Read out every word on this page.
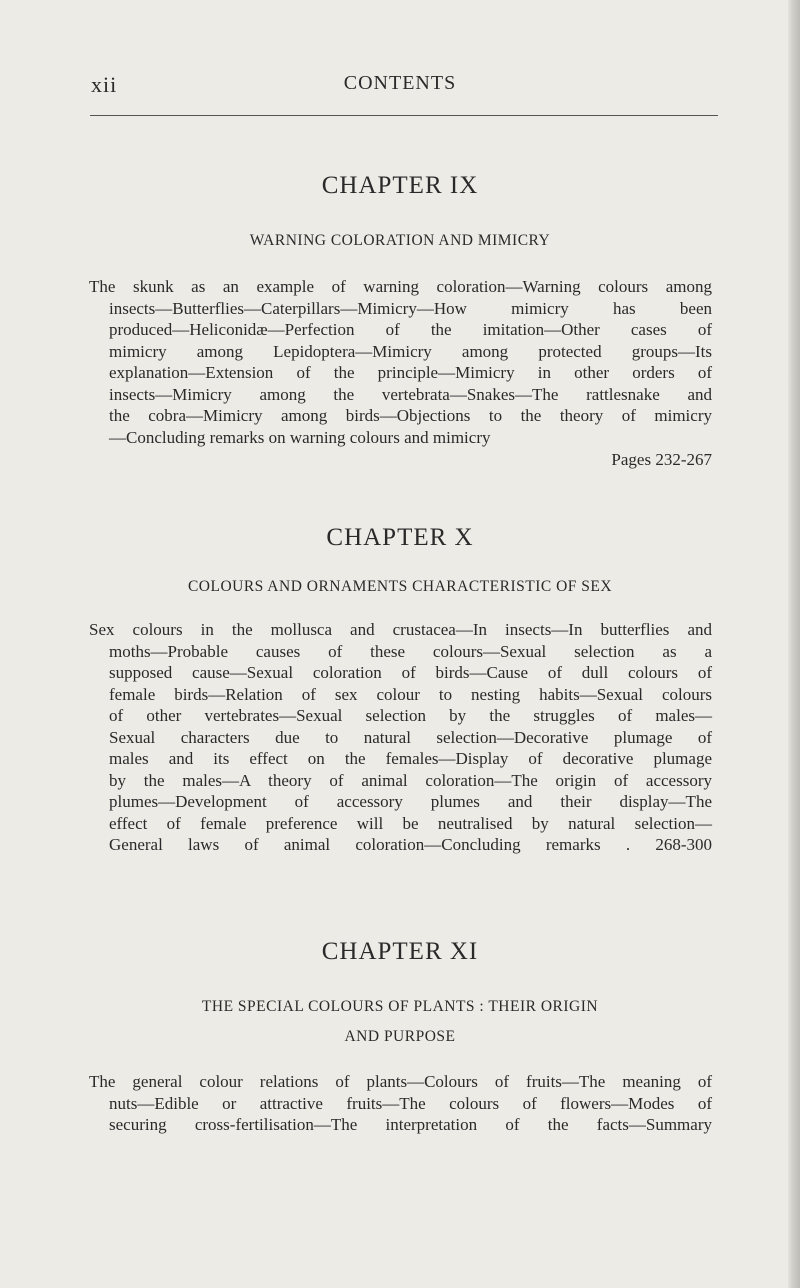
xii	CONTENTS
CHAPTER IX
WARNING COLORATION AND MIMICRY
The skunk as an example of warning coloration—Warning colours among
insects—Butterflies—Caterpillars—Mimicry—How mimicry has been
produced—Heliconidæ—Perfection of the imitation—Other cases of
mimicry among Lepidoptera—Mimicry among protected groups—Its
explanation—Extension of the principle—Mimicry in other orders of
insects—Mimicry among the vertebrata—Snakes—The rattlesnake and
the cobra—Mimicry among birds—Objections to the theory of mimicry
—Concluding remarks on warning colours and mimicry
Pages 232-267
CHAPTER X
COLOURS AND ORNAMENTS CHARACTERISTIC OF SEX
Sex colours in the mollusca and crustacea—In insects—In butterflies and
moths—Probable causes of these colours—Sexual selection as a
supposed cause—Sexual coloration of birds—Cause of dull colours of
female birds—Relation of sex colour to nesting habits—Sexual colours
of other vertebrates—Sexual selection by the struggles of males—
Sexual characters due to natural selection—Decorative plumage of
males and its effect on the females—Display of decorative plumage
by the males—A theory of animal coloration—The origin of accessory
plumes—Development of accessory plumes and their display—The
effect of female preference will be neutralised by natural selection—
General laws of animal coloration—Concluding remarks . 268-300
CHAPTER XI
THE SPECIAL COLOURS OF PLANTS : THEIR ORIGIN
AND PURPOSE
The general colour relations of plants—Colours of fruits—The meaning of
nuts—Edible or attractive fruits—The colours of flowers—Modes of
securing cross-fertilisation—The interpretation of the facts—Summary
